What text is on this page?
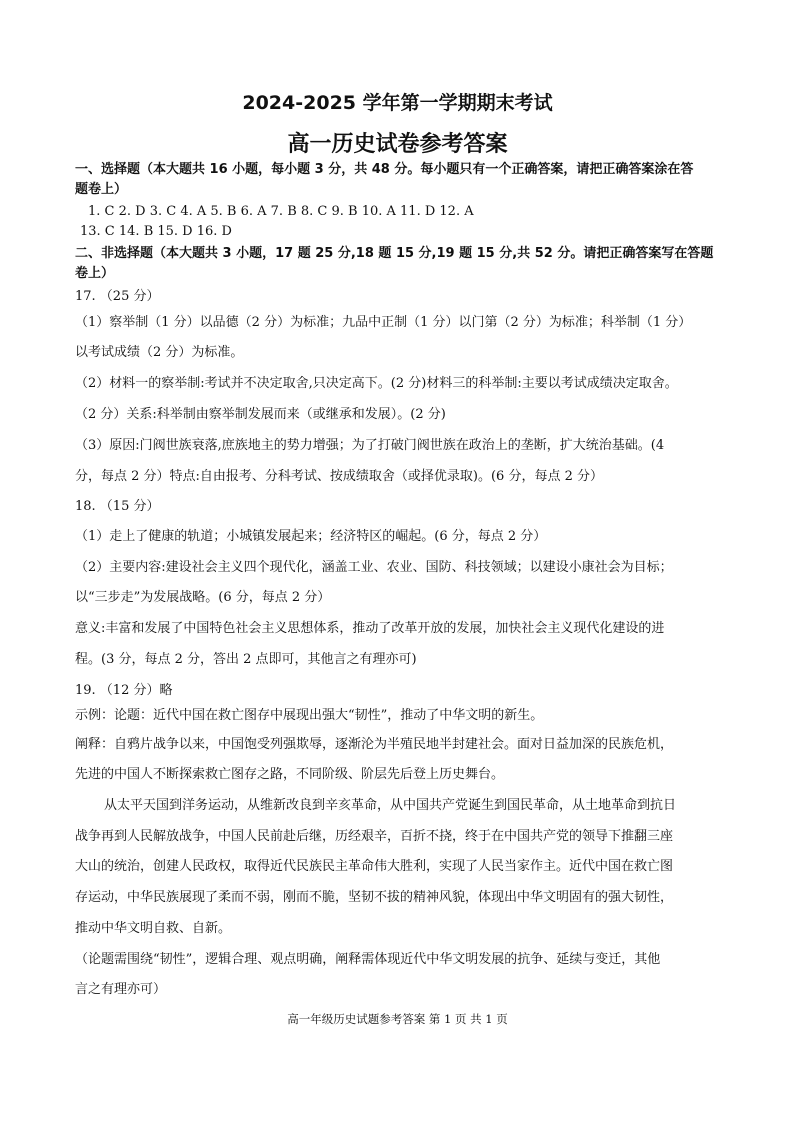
2024-2025 学年第一学期期末考试
高一历史试卷参考答案
一、选择题（本大题共 16 小题，每小题 3 分，共 48 分。每小题只有一个正确答案，请把正确答案涂在答
题卷上）
1. C 2. D 3. C 4. A 5. B 6. A 7. B 8. C 9. B 10. A 11. D 12. A
13. C 14. B 15. D 16. D
二、非选择题（本大题共 3 小题，17 题 25 分,18 题 15 分,19 题 15 分,共 52 分。请把正确答案写在答题
卷上）
17. （25 分）
（1）察举制（1 分）以品德（2 分）为标准；九品中正制（1 分）以门第（2 分）为标准；科举制（1 分）
以考试成绩（2 分）为标准。
（2）材料一的察举制:考试并不决定取舍,只决定高下。(2 分)材料三的科举制:主要以考试成绩决定取舍。
（2 分）关系:科举制由察举制发展而来（或继承和发展）。(2 分)
（3）原因:门阀世族衰落,庶族地主的势力增强；为了打破门阀世族在政治上的垄断，扩大统治基础。(4
分，每点 2 分）特点:自由报考、分科考试、按成绩取舍（或择优录取)。(6 分，每点 2 分）
18. （15 分）
（1）走上了健康的轨道；小城镇发展起来；经济特区的崛起。(6 分，每点 2 分）
（2）主要内容:建设社会主义四个现代化，涵盖工业、农业、国防、科技领域；以建设小康社会为目标；
以“三步走”为发展战略。(6 分，每点 2 分）
意义:丰富和发展了中国特色社会主义思想体系，推动了改革开放的发展，加快社会主义现代化建设的进
程。(3 分，每点 2 分，答出 2 点即可，其他言之有理亦可)
19. （12 分）略
示例：论题：近代中国在救亡图存中展现出强大“韧性”，推动了中华文明的新生。
阐释：自鸦片战争以来，中国饱受列强欺辱，逐渐沦为半殖民地半封建社会。面对日益加深的民族危机，
先进的中国人不断探索救亡图存之路，不同阶级、阶层先后登上历史舞台。
从太平天国到洋务运动，从维新改良到辛亥革命，从中国共产党诞生到国民革命，从土地革命到抗日
战争再到人民解放战争，中国人民前赴后继，历经艰辛，百折不挠，终于在中国共产党的领导下推翻三座
大山的统治，创建人民政权，取得近代民族民主革命伟大胜利，实现了人民当家作主。近代中国在救亡图
存运动，中华民族展现了柔而不弱，刚而不脆，坚韧不拔的精神风貌，体现出中华文明固有的强大韧性，
推动中华文明自救、自新。
（论题需围绕“韧性”，逻辑合理、观点明确，阐释需体现近代中华文明发展的抗争、延续与变迁，其他
言之有理亦可）
高一年级历史试题参考答案 第 1 页 共 1 页
